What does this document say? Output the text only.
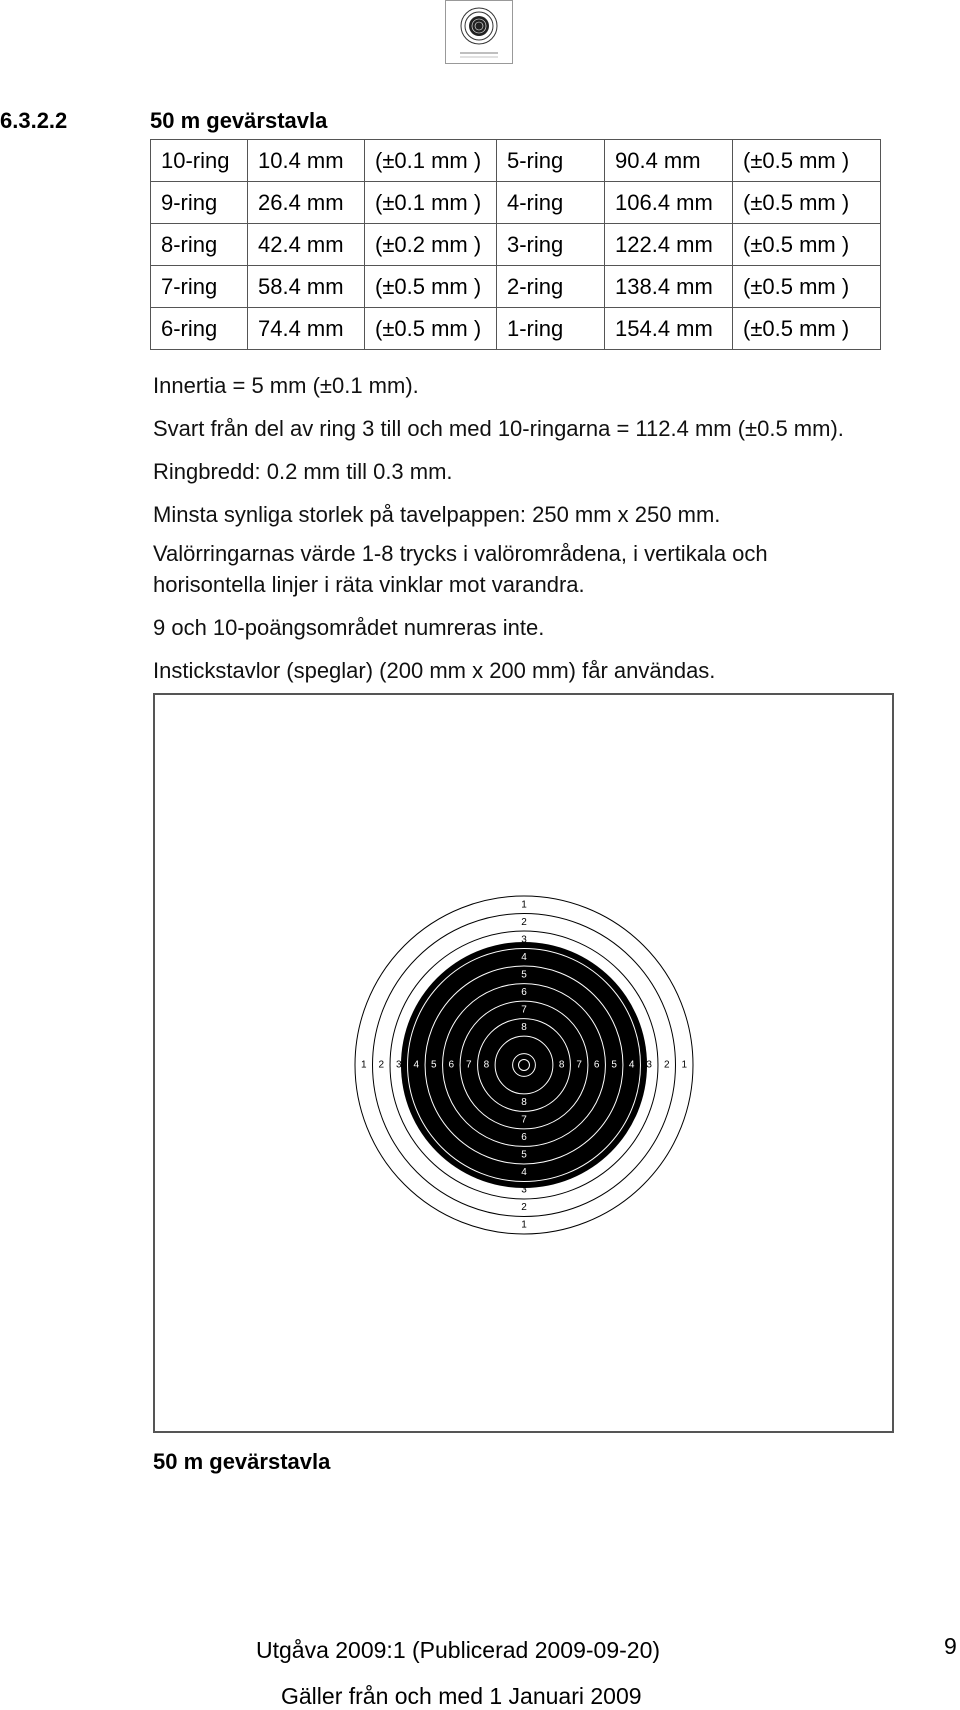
6.3.2.2	50 m gevärstavla
10-ring	10.4 mm	(±0.1 mm )	5-ring	90.4 mm	(±0.5 mm )
9-ring	26.4 mm	(±0.1 mm )	4-ring	106.4 mm	(±0.5 mm )
8-ring	42.4 mm	(±0.2 mm )	3-ring	122.4 mm	(±0.5 mm )
7-ring	58.4 mm	(±0.5 mm )	2-ring	138.4 mm	(±0.5 mm )
6-ring	74.4 mm	(±0.5 mm )	1-ring	154.4 mm	(±0.5 mm )
Innertia = 5 mm (±0.1 mm).
Svart från del av ring 3 till och med 10-ringarna = 112.4 mm (±0.5 mm).
Ringbredd: 0.2 mm till 0.3 mm.
Minsta synliga storlek på tavelpappen: 250 mm x 250 mm.
Valörringarnas värde 1-8 trycks i valörområdena, i vertikala och
horisontella linjer i räta vinklar mot varandra.
9 och 10-poängsområdet numreras inte.
Instickstavlor (speglar) (200 mm x 200 mm) får användas.
1
2
3
4
5
6
7
8
1 2 3 4 5 6 7 8	8 7 6 5 4 3 2 1
8
7
6
5
4
3
2
1
50 m gevärstavla
Utgåva 2009:1 (Publicerad 2009-09-20)	9
Gäller från och med 1 Januari 2009
